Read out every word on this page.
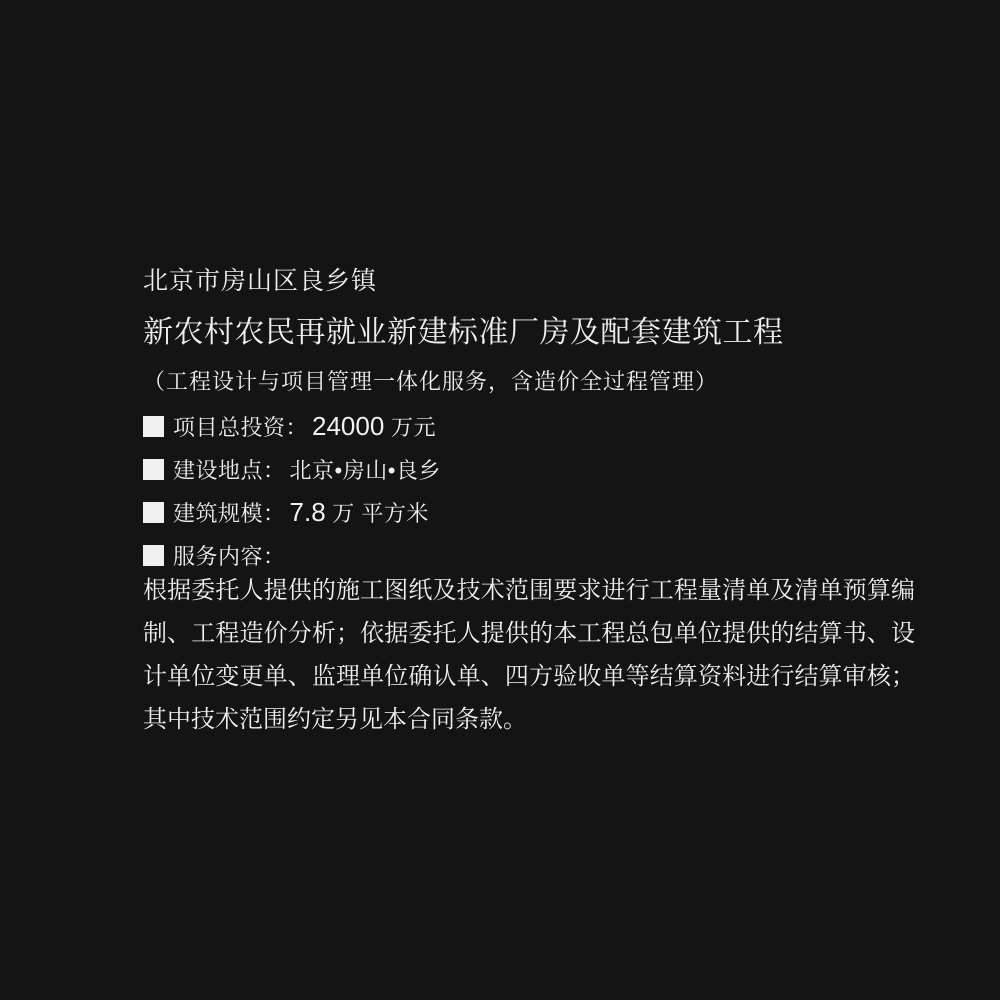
北京市房山区良乡镇
新农村农民再就业新建标准厂房及配套建筑工程
（工程设计与项目管理一体化服务，含造价全过程管理）
项目总投资： 24000 万元
建设地点： 北京•房山•良乡
建筑规模： 7.8 万 平方米
服务内容：

根据委托人提供的施工图纸及技术范围要求进行工程量清单及清单预算编制、工程造价分析；依据委托人提供的本工程总包单位提供的结算书、设计单位变更单、监理单位确认单、四方验收单等结算资料进行结算审核；其中技术范围约定另见本合同条款。
